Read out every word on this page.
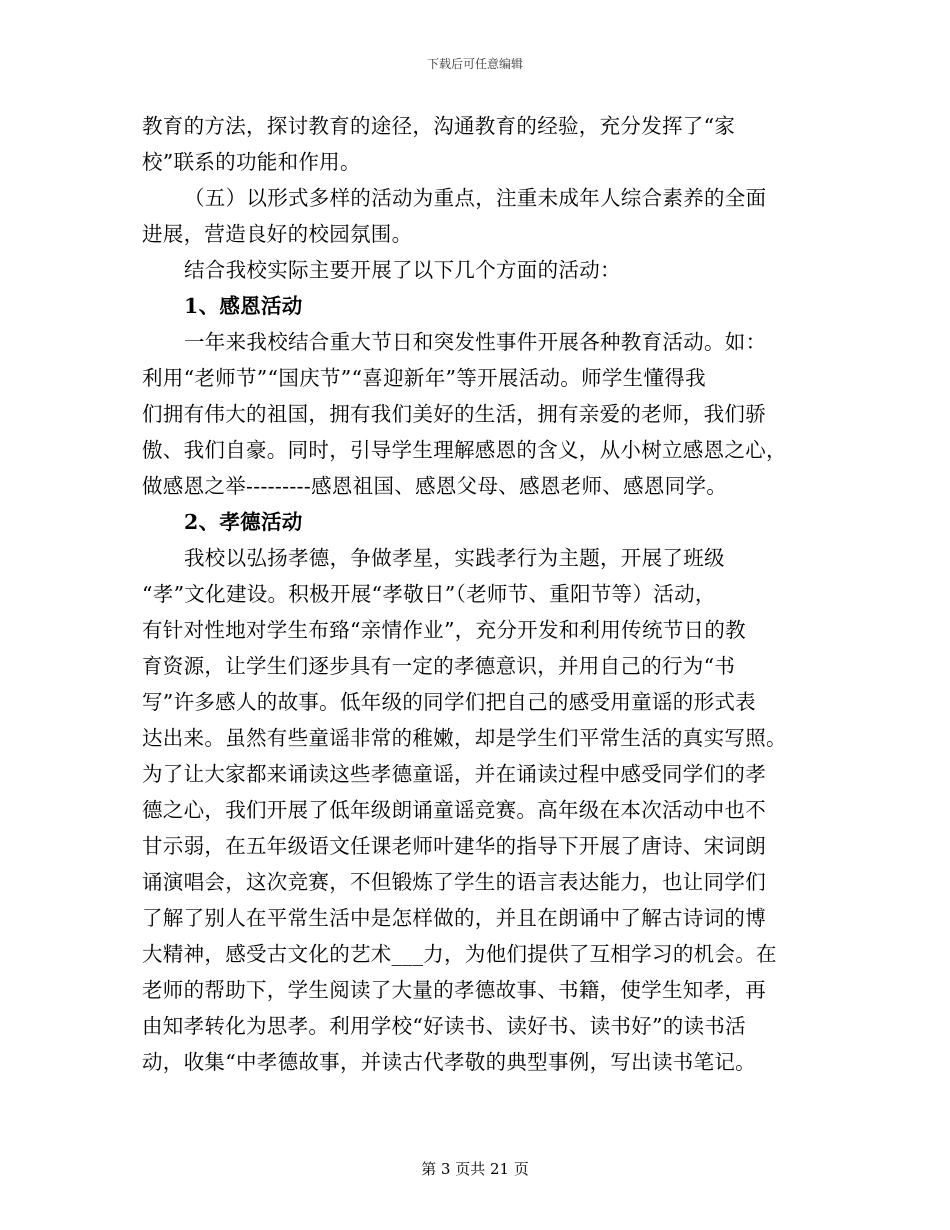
下载后可任意编辑
教育的方法，探讨教育的途径，沟通教育的经验，充分发挥了“家
校”联系的功能和作用。
（五）以形式多样的活动为重点，注重未成年人综合素养的全面
进展，营造良好的校园氛围。
结合我校实际主要开展了以下几个方面的活动：
1、感恩活动
一年来我校结合重大节日和突发性事件开展各种教育活动。如：
利用“老师节”“国庆节”“喜迎新年”等开展活动。师学生懂得我
们拥有伟大的祖国，拥有我们美好的生活，拥有亲爱的老师，我们骄
傲、我们自豪。同时，引导学生理解感恩的含义，从小树立感恩之心，
做感恩之举---------感恩祖国、感恩父母、感恩老师、感恩同学。
2、孝德活动
我校以弘扬孝德，争做孝星，实践孝行为主题，开展了班级
“孝”文化建设。积极开展“孝敬日”（老师节、重阳节等）活动，
有针对性地对学生布臵“亲情作业”，充分开发和利用传统节日的教
育资源，让学生们逐步具有一定的孝德意识，并用自己的行为“书
写”许多感人的故事。低年级的同学们把自己的感受用童谣的形式表
达出来。虽然有些童谣非常的稚嫩，却是学生们平常生活的真实写照。
为了让大家都来诵读这些孝德童谣，并在诵读过程中感受同学们的孝
德之心，我们开展了低年级朗诵童谣竞赛。高年级在本次活动中也不
甘示弱，在五年级语文任课老师叶建华的指导下开展了唐诗、宋词朗
诵演唱会，这次竞赛，不但锻炼了学生的语言表达能力，也让同学们
了解了别人在平常生活中是怎样做的，并且在朗诵中了解古诗词的博
大精神，感受古文化的艺术___力，为他们提供了互相学习的机会。在
老师的帮助下，学生阅读了大量的孝德故事、书籍，使学生知孝，再
由知孝转化为思孝。利用学校“好读书、读好书、读书好”的读书活
动，收集“中孝德故事，并读古代孝敬的典型事例，写出读书笔记。
第 3 页共 21 页
